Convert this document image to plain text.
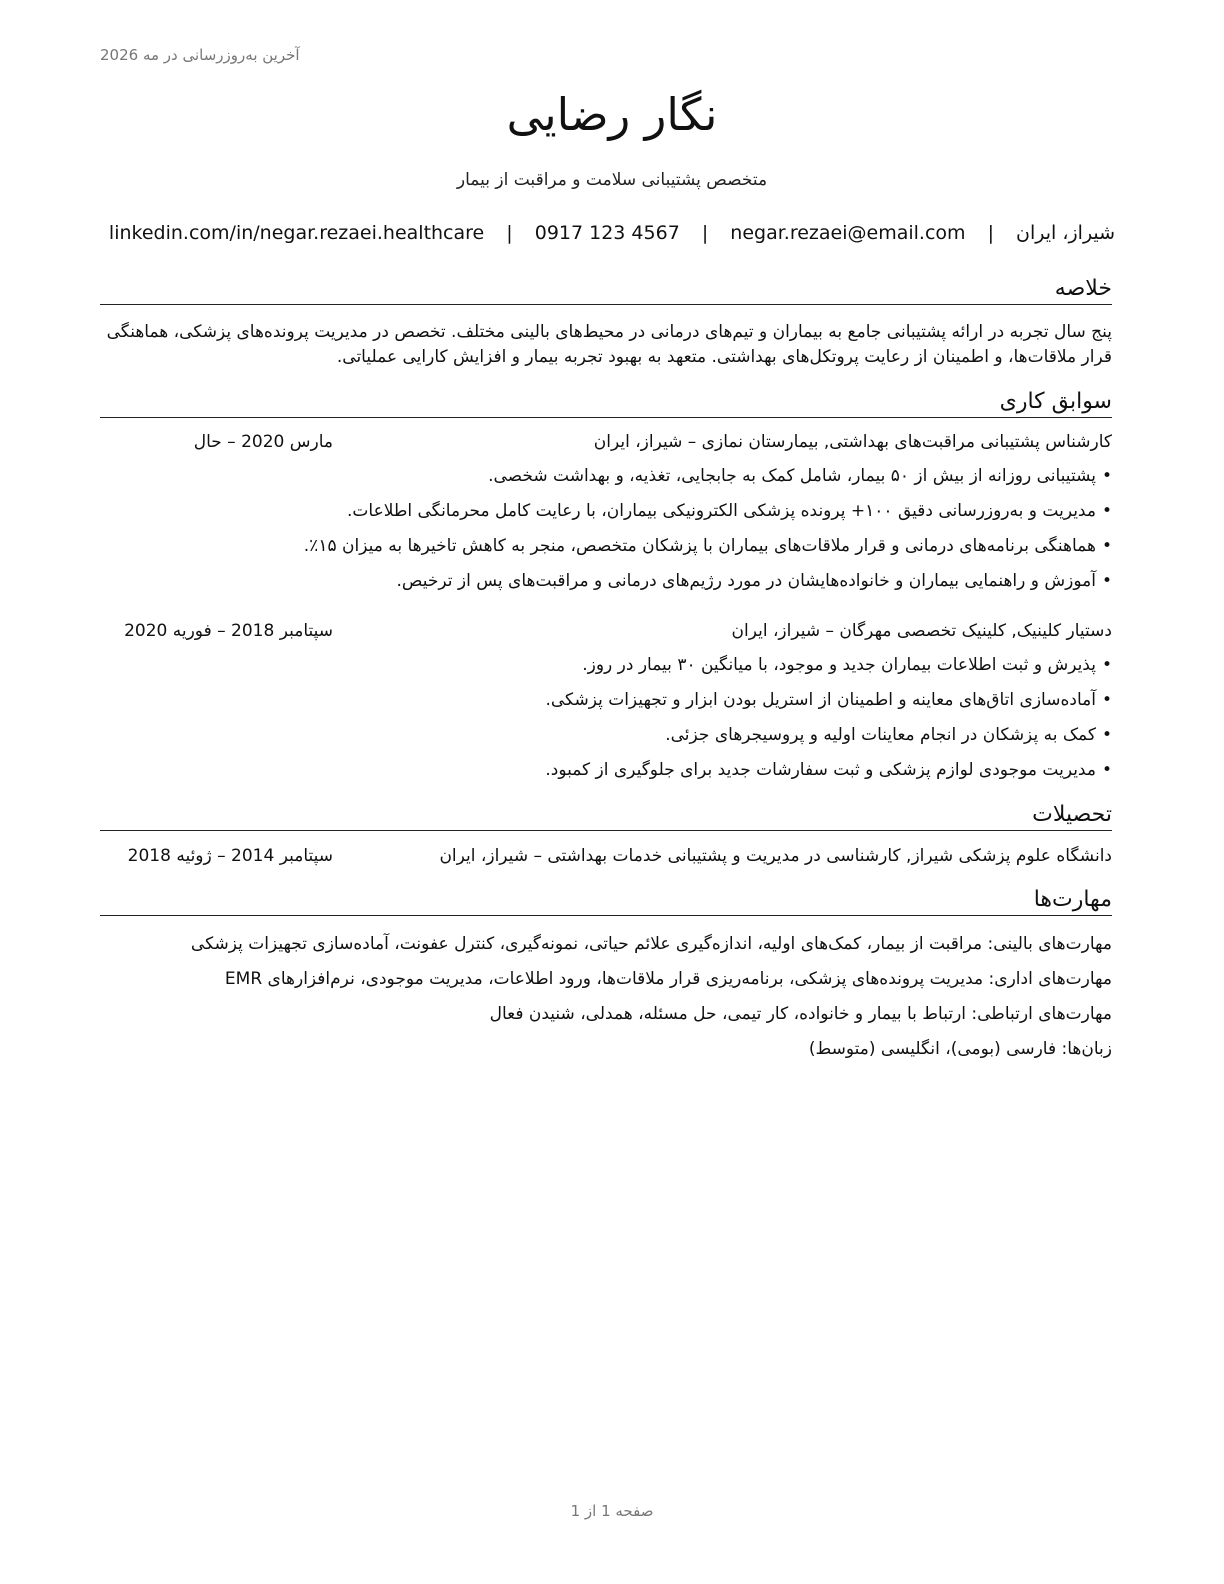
آخرین به‌روزرسانی در مه 2026
نگار رضایی
متخصص پشتیبانی سلامت و مراقبت از بیمار
شیراز، ایران | negar.rezaei@email.com | 0917 123 4567 | linkedin.com/in/negar.rezaei.healthcare
خلاصه
پنج سال تجربه در ارائه پشتیبانی جامع به بیماران و تیم‌های درمانی در محیط‌های بالینی مختلف. تخصص در مدیریت پرونده‌های پزشکی، هماهنگی قرار ملاقات‌ها، و اطمینان از رعایت پروتکل‌های بهداشتی. متعهد به بهبود تجربه بیمار و افزایش کارایی عملیاتی.
سوابق کاری
کارشناس پشتیبانی مراقبت‌های بهداشتی, بیمارستان نمازی – شیراز، ایران
مارس 2020 – حال
•پشتیبانی روزانه از بیش از ۵۰ بیمار، شامل کمک به جابجایی، تغذیه، و بهداشت شخصی.
•مدیریت و به‌روزرسانی دقیق ۱۰۰+ پرونده پزشکی الکترونیکی بیماران، با رعایت کامل محرمانگی اطلاعات.
•هماهنگی برنامه‌های درمانی و قرار ملاقات‌های بیماران با پزشکان متخصص، منجر به کاهش تاخیرها به میزان ۱۵٪.
•آموزش و راهنمایی بیماران و خانواده‌هایشان در مورد رژیم‌های درمانی و مراقبت‌های پس از ترخیص.
دستیار کلینیک, کلینیک تخصصی مهرگان – شیراز، ایران
سپتامبر 2018 – فوریه 2020
•پذیرش و ثبت اطلاعات بیماران جدید و موجود، با میانگین ۳۰ بیمار در روز.
•آماده‌سازی اتاق‌های معاینه و اطمینان از استریل بودن ابزار و تجهیزات پزشکی.
•کمک به پزشکان در انجام معاینات اولیه و پروسیجرهای جزئی.
•مدیریت موجودی لوازم پزشکی و ثبت سفارشات جدید برای جلوگیری از کمبود.
تحصیلات
دانشگاه علوم پزشکی شیراز, کارشناسی در مدیریت و پشتیبانی خدمات بهداشتی – شیراز، ایران
سپتامبر 2014 – ژوئیه 2018
مهارت‌ها
مهارت‌های بالینی: مراقبت از بیمار، کمک‌های اولیه، اندازه‌گیری علائم حیاتی، نمونه‌گیری، کنترل عفونت، آماده‌سازی تجهیزات پزشکی
مهارت‌های اداری: مدیریت پرونده‌های پزشکی، برنامه‌ریزی قرار ملاقات‌ها، ورود اطلاعات، مدیریت موجودی، نرم‌افزارهای EMR
مهارت‌های ارتباطی: ارتباط با بیمار و خانواده، کار تیمی، حل مسئله، همدلی، شنیدن فعال
زبان‌ها: فارسی (بومی)، انگلیسی (متوسط)
صفحه 1 از 1
